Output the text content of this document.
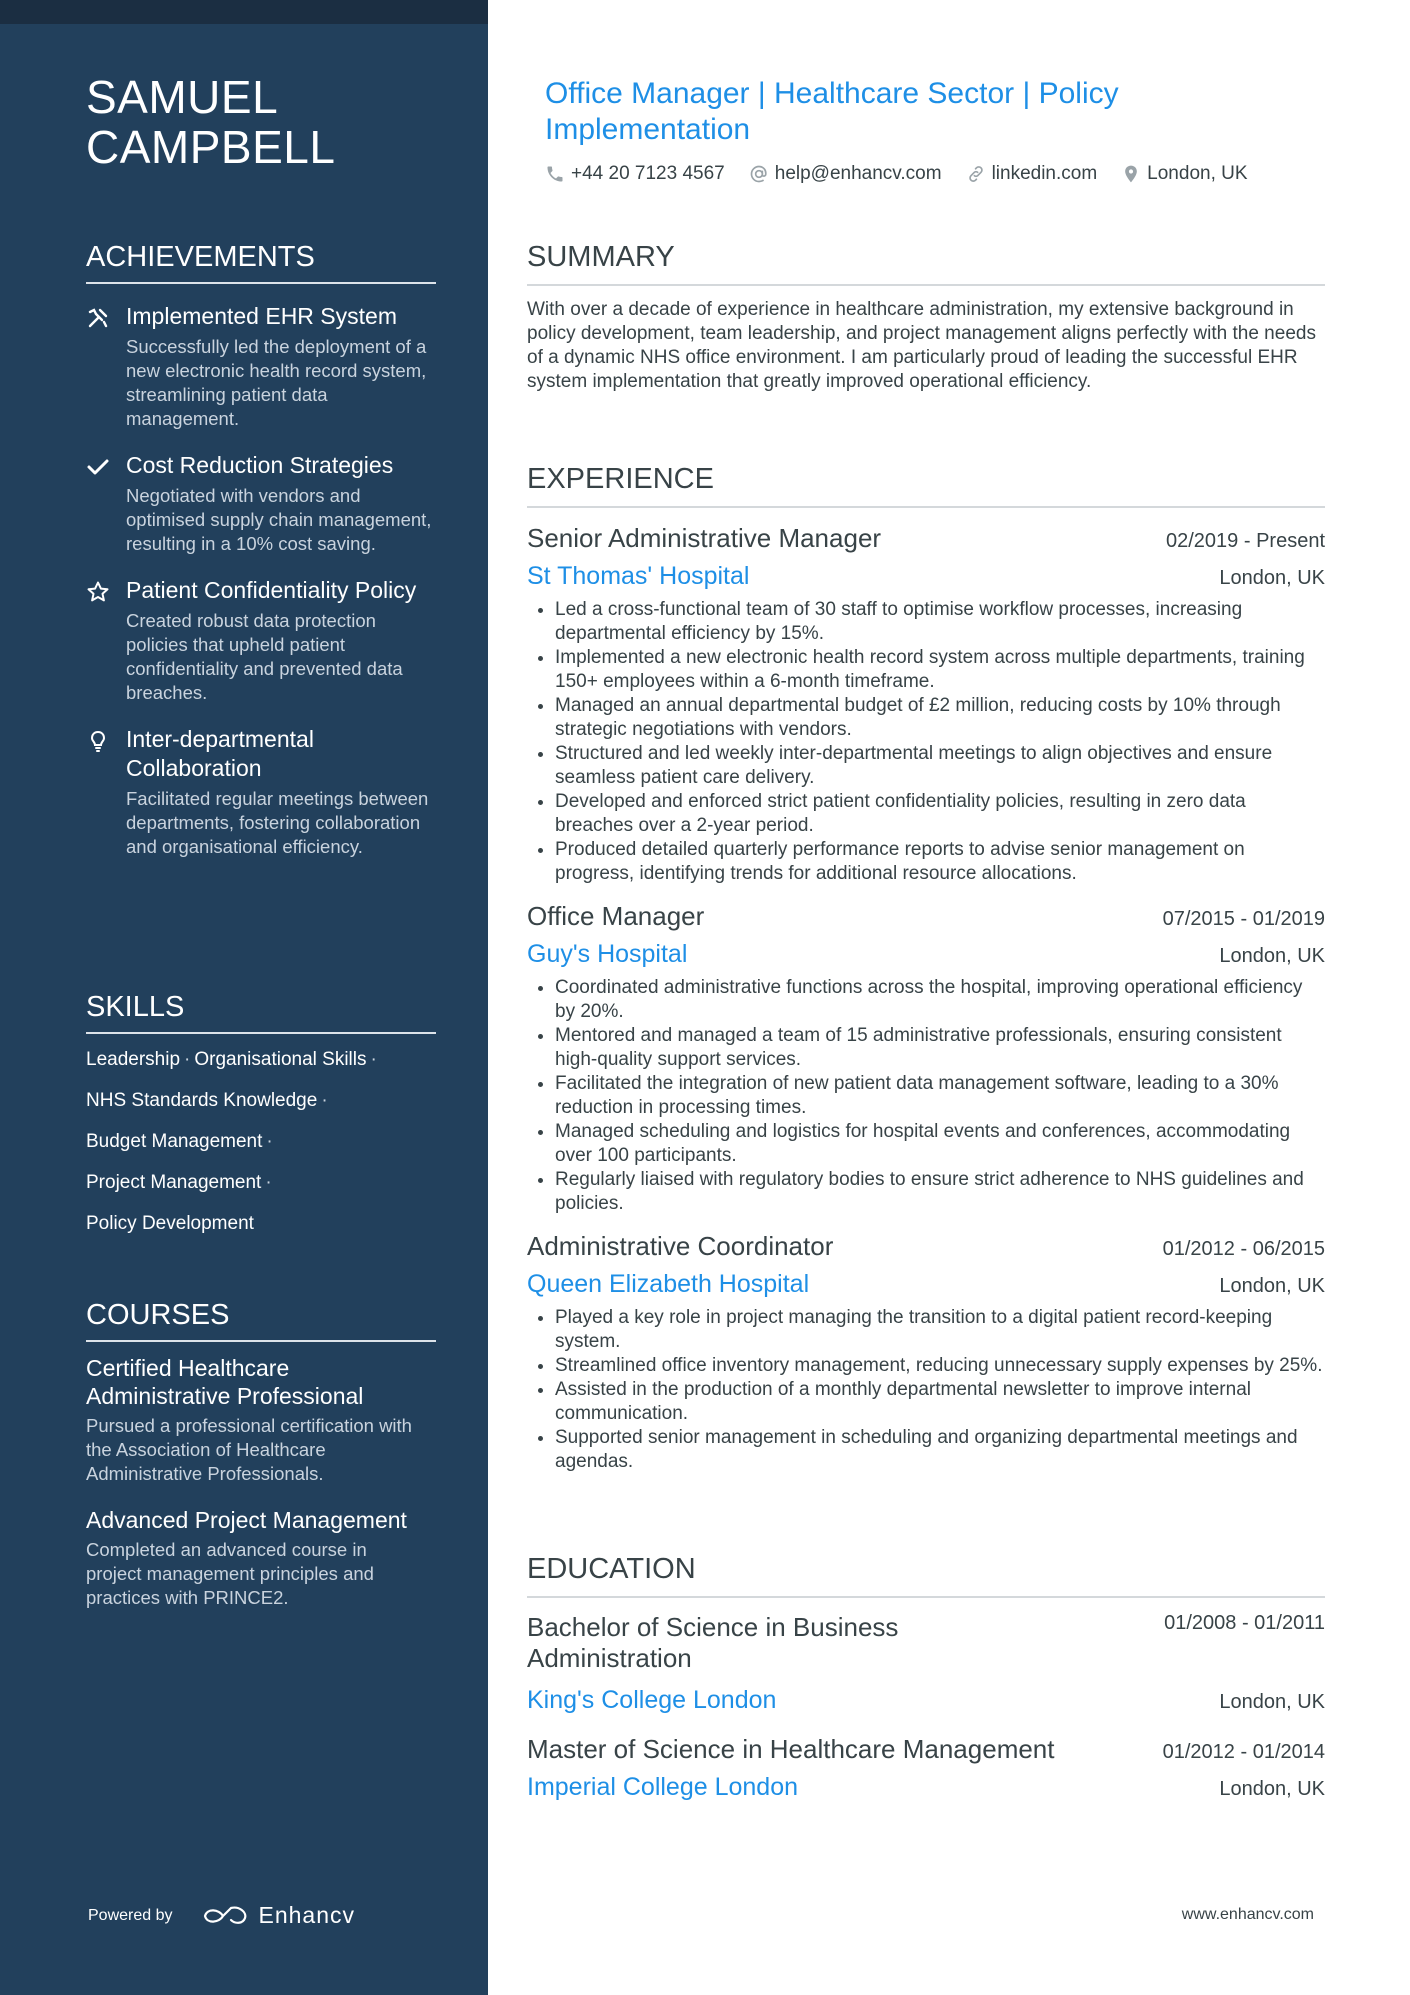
SAMUEL CAMPBELL
ACHIEVEMENTS
Implemented EHR System
Successfully led the deployment of a new electronic health record system, streamlining patient data management.
Cost Reduction Strategies
Negotiated with vendors and optimised supply chain management, resulting in a 10% cost saving.
Patient Confidentiality Policy
Created robust data protection policies that upheld patient confidentiality and prevented data breaches.
Inter-departmental Collaboration
Facilitated regular meetings between departments, fostering collaboration and organisational efficiency.
SKILLS
Leadership · Organisational Skills ·
NHS Standards Knowledge ·
Budget Management ·
Project Management ·
Policy Development
COURSES
Certified Healthcare Administrative Professional
Pursued a professional certification with the Association of Healthcare Administrative Professionals.
Advanced Project Management
Completed an advanced course in project management principles and practices with PRINCE2.
Powered by	Enhancv
Office Manager | Healthcare Sector | Policy Implementation
+44 20 7123 4567	help@enhancv.com	linkedin.com	London, UK
SUMMARY
With over a decade of experience in healthcare administration, my extensive background in policy development, team leadership, and project management aligns perfectly with the needs of a dynamic NHS office environment. I am particularly proud of leading the successful EHR system implementation that greatly improved operational efficiency.
EXPERIENCE
Senior Administrative Manager	02/2019 - Present
St Thomas' Hospital	London, UK
• Led a cross-functional team of 30 staff to optimise workflow processes, increasing departmental efficiency by 15%.
• Implemented a new electronic health record system across multiple departments, training 150+ employees within a 6-month timeframe.
• Managed an annual departmental budget of £2 million, reducing costs by 10% through strategic negotiations with vendors.
• Structured and led weekly inter-departmental meetings to align objectives and ensure seamless patient care delivery.
• Developed and enforced strict patient confidentiality policies, resulting in zero data breaches over a 2-year period.
• Produced detailed quarterly performance reports to advise senior management on progress, identifying trends for additional resource allocations.
Office Manager	07/2015 - 01/2019
Guy's Hospital	London, UK
• Coordinated administrative functions across the hospital, improving operational efficiency by 20%.
• Mentored and managed a team of 15 administrative professionals, ensuring consistent high-quality support services.
• Facilitated the integration of new patient data management software, leading to a 30% reduction in processing times.
• Managed scheduling and logistics for hospital events and conferences, accommodating over 100 participants.
• Regularly liaised with regulatory bodies to ensure strict adherence to NHS guidelines and policies.
Administrative Coordinator	01/2012 - 06/2015
Queen Elizabeth Hospital	London, UK
• Played a key role in project managing the transition to a digital patient record-keeping system.
• Streamlined office inventory management, reducing unnecessary supply expenses by 25%.
• Assisted in the production of a monthly departmental newsletter to improve internal communication.
• Supported senior management in scheduling and organizing departmental meetings and agendas.
EDUCATION
Bachelor of Science in Business Administration
01/2008 - 01/2011
King's College London	London, UK
Master of Science in Healthcare Management	01/2012 - 01/2014
Imperial College London	London, UK
www.enhancv.com
